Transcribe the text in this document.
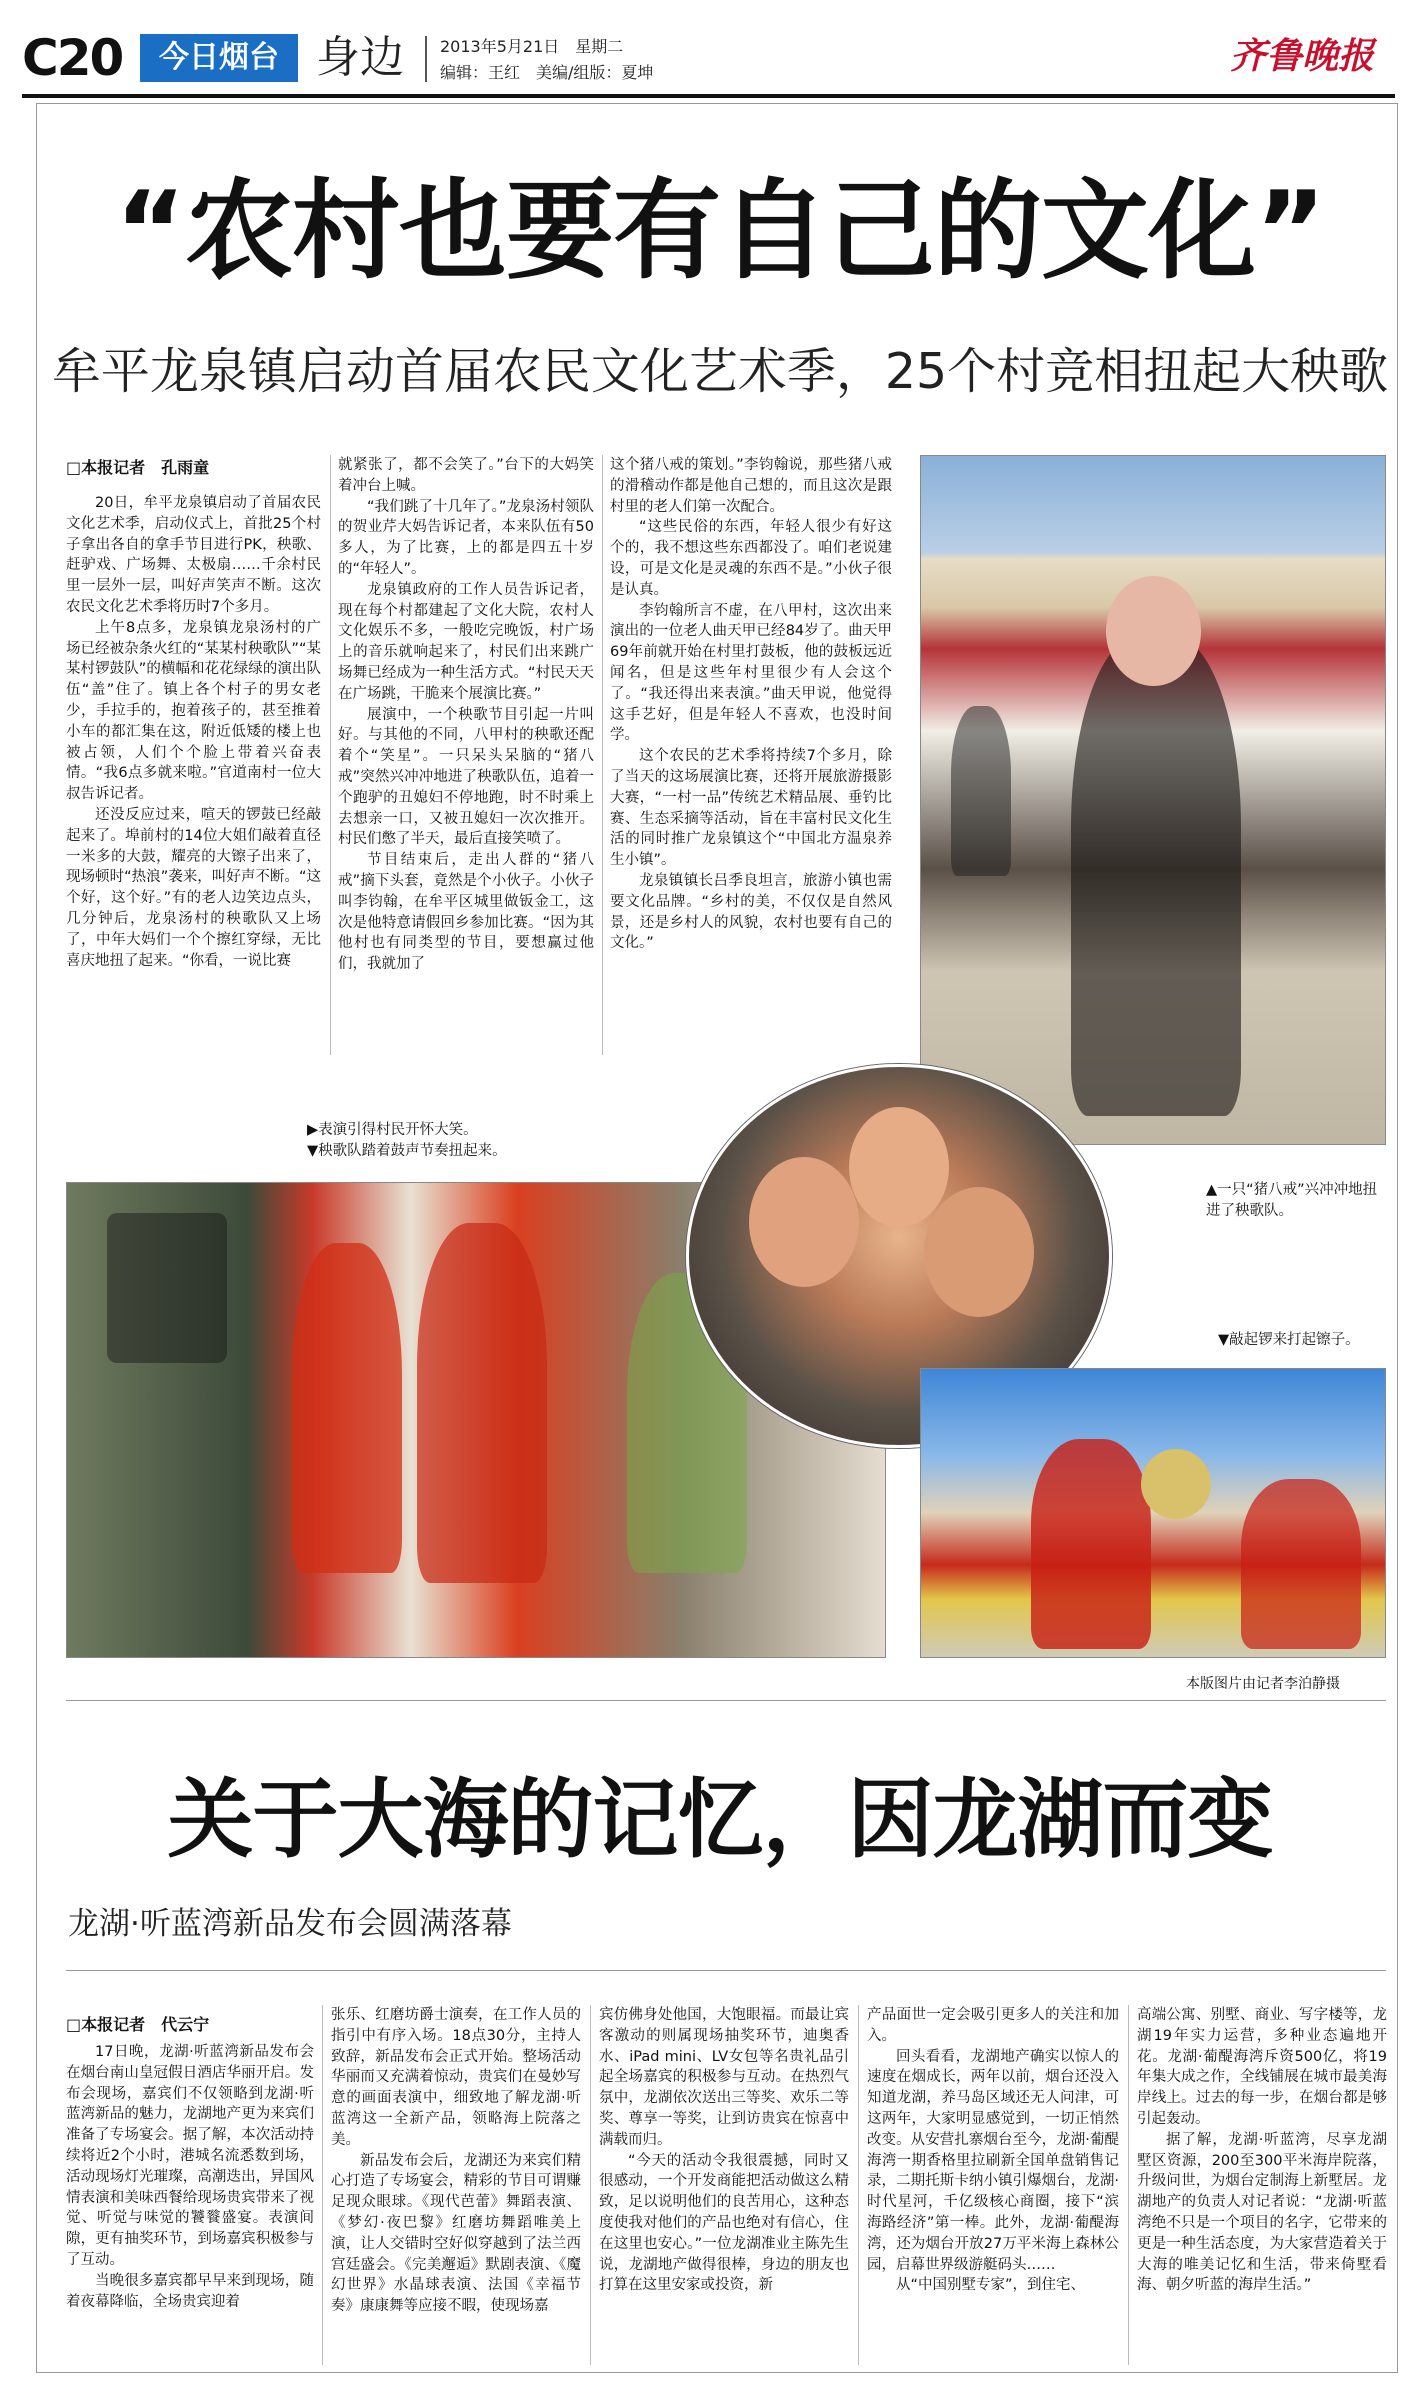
C20	今日烟台 身边 2013年5月21日　星期二
编辑：王红　美编/组版：夏坤	齐鲁晚报
“农村也要有自己的文化”
牟平龙泉镇启动首届农民文化艺术季，25个村竞相扭起大秧歌
□本报记者　孔雨童

20日，牟平龙泉镇启动了首届农民文化艺术季，启动仪式上，首批25个村子拿出各自的拿手节目进行PK，秧歌、赶驴戏、广场舞、太极扇……千余村民里一层外一层，叫好声笑声不断。这次农民文化艺术季将历时7个多月。

上午8点多，龙泉镇龙泉汤村的广场已经被杂条火红的“某某村秧歌队”“某某村锣鼓队”的横幅和花花绿绿的演出队伍“盖”住了。镇上各个村子的男女老少，手拉手的，抱着孩子的，甚至推着小车的都汇集在这，附近低矮的楼上也被占领，人们个个脸上带着兴奋表情。“我6点多就来啦。”官道南村一位大叔告诉记者。

还没反应过来，喧天的锣鼓已经敲起来了。埠前村的14位大姐们敲着直径一米多的大鼓，耀亮的大镲子出来了，现场顿时“热浪”袭来，叫好声不断。“这个好，这个好。”有的老人边笑边点头，几分钟后，龙泉汤村的秧歌队又上场了，中年大妈们一个个擦红穿绿，无比喜庆地扭了起来。“你看，一说比赛

就紧张了，都不会笑了。”台下的大妈笑着冲台上喊。

“我们跳了十几年了。”龙泉汤村领队的贺业芹大妈告诉记者，本来队伍有50多人，为了比赛，上的都是四五十岁的“年轻人”。

龙泉镇政府的工作人员告诉记者，现在每个村都建起了文化大院，农村人文化娱乐不多，一般吃完晚饭，村广场上的音乐就响起来了，村民们出来跳广场舞已经成为一种生活方式。“村民天天在广场跳，干脆来个展演比赛。”

展演中，一个秧歌节目引起一片叫好。与其他的不同，八甲村的秧歌还配着个“笑星”。一只呆头呆脑的“猪八戒”突然兴冲冲地进了秧歌队伍，追着一个跑驴的丑媳妇不停地跑，时不时乘上去想亲一口，又被丑媳妇一次次推开。村民们憋了半天，最后直接笑喷了。

节目结束后，走出人群的“猪八戒”摘下头套，竟然是个小伙子。小伙子叫李钧翰，在牟平区城里做钣金工，这次是他特意请假回乡参加比赛。“因为其他村也有同类型的节目，要想赢过他们，我就加了

这个猪八戒的策划。”李钧翰说，那些猪八戒的滑稽动作都是他自己想的，而且这次是跟村里的老人们第一次配合。

“这些民俗的东西，年轻人很少有好这个的，我不想这些东西都没了。咱们老说建设，可是文化是灵魂的东西不是。”小伙子很是认真。

李钧翰所言不虚，在八甲村，这次出来演出的一位老人曲天甲已经84岁了。曲天甲69年前就开始在村里打鼓板，他的鼓板远近闻名，但是这些年村里很少有人会这个了。“我还得出来表演。”曲天甲说，他觉得这手艺好，但是年轻人不喜欢，也没时间学。

这个农民的艺术季将持续7个多月，除了当天的这场展演比赛，还将开展旅游摄影大赛，“一村一品”传统艺术精品展、垂钓比赛、生态采摘等活动，旨在丰富村民文化生活的同时推广龙泉镇这个“中国北方温泉养生小镇”。

龙泉镇镇长吕季良坦言，旅游小镇也需要文化品牌。“乡村的美，不仅仅是自然风景，还是乡村人的风貌，农村也要有自己的文化。”

▲一只“猪八戒”兴冲冲地扭进了秧歌队。
▶表演引得村民开怀大笑。
▼秧歌队踏着鼓声节奏扭起来。
▼敲起锣来打起镲子。
本版图片由记者李泊静摄
关于大海的记忆，因龙湖而变
龙湖·听蓝湾新品发布会圆满落幕
□本报记者　代云宁

17日晚，龙湖·听蓝湾新品发布会在烟台南山皇冠假日酒店华丽开启。发布会现场，嘉宾们不仅领略到龙湖·听蓝湾新品的魅力，龙湖地产更为来宾们准备了专场宴会。据了解，本次活动持续将近2个小时，港城名流悉数到场，活动现场灯光璀璨，高潮迭出，异国风情表演和美味西餐给现场贵宾带来了视觉、听觉与味觉的饕餮盛宴。表演间隙，更有抽奖环节，到场嘉宾积极参与了互动。

当晚很多嘉宾都早早来到现场，随着夜幕降临，全场贵宾迎着

张乐、红磨坊爵士演奏，在工作人员的指引中有序入场。18点30分，主持人致辞，新品发布会正式开始。整场活动华丽而又充满着惊动，贵宾们在曼妙写意的画面表演中，细致地了解龙湖·听蓝湾这一全新产品，领略海上院落之美。

新品发布会后，龙湖还为来宾们精心打造了专场宴会，精彩的节目可谓赚足现众眼球。《现代芭蕾》舞蹈表演、《梦幻·夜巴黎》红磨坊舞蹈唯美上演，让人交错时空好似穿越到了法兰西宫廷盛会。《完美邂逅》默剧表演、《魔幻世界》水晶球表演、法国《幸福节奏》康康舞等应接不暇，使现场嘉

宾仿佛身处他国，大饱眼福。而最让宾客激动的则属现场抽奖环节，迪奥香水、iPad mini、LV女包等名贵礼品引起全场嘉宾的积极参与互动。在热烈气氛中，龙湖依次送出三等奖、欢乐二等奖、尊享一等奖，让到访贵宾在惊喜中满载而归。

“今天的活动令我很震撼，同时又很感动，一个开发商能把活动做这么精致，足以说明他们的良苦用心，这种态度使我对他们的产品也绝对有信心，住在这里也安心。”一位龙湖准业主陈先生说，龙湖地产做得很棒，身边的朋友也打算在这里安家或投资，新

产品面世一定会吸引更多人的关注和加入。

回头看看，龙湖地产确实以惊人的速度在烟成长，两年以前，烟台还没入知道龙湖，养马岛区域还无人问津，可这两年，大家明显感觉到，一切正悄然改变。从安营扎寨烟台至今，龙湖·葡醍海湾一期香格里拉刷新全国单盘销售记录，二期托斯卡纳小镇引爆烟台，龙湖·时代星河，千亿级核心商圈，接下“滨海路经济”第一棒。此外，龙湖·葡醍海湾，还为烟台开放27万平米海上森林公园，启幕世界级游艇码头……

从“中国别墅专家”，到住宅、

高端公寓、别墅、商业、写字楼等，龙湖19年实力运营，多种业态遍地开花。龙湖·葡醍海湾斥资500亿，将19年集大成之作，全线铺展在城市最美海岸线上。过去的每一步，在烟台都是够引起轰动。

据了解，龙湖·听蓝湾，尽享龙湖墅区资源，200至300平米海岸院落，升级问世，为烟台定制海上新墅居。龙湖地产的负责人对记者说：“龙湖·听蓝湾绝不只是一个项目的名字，它带来的更是一种生活态度，为大家营造着关于大海的唯美记忆和生活，带来倚墅看海、朝夕听蓝的海岸生活。”
